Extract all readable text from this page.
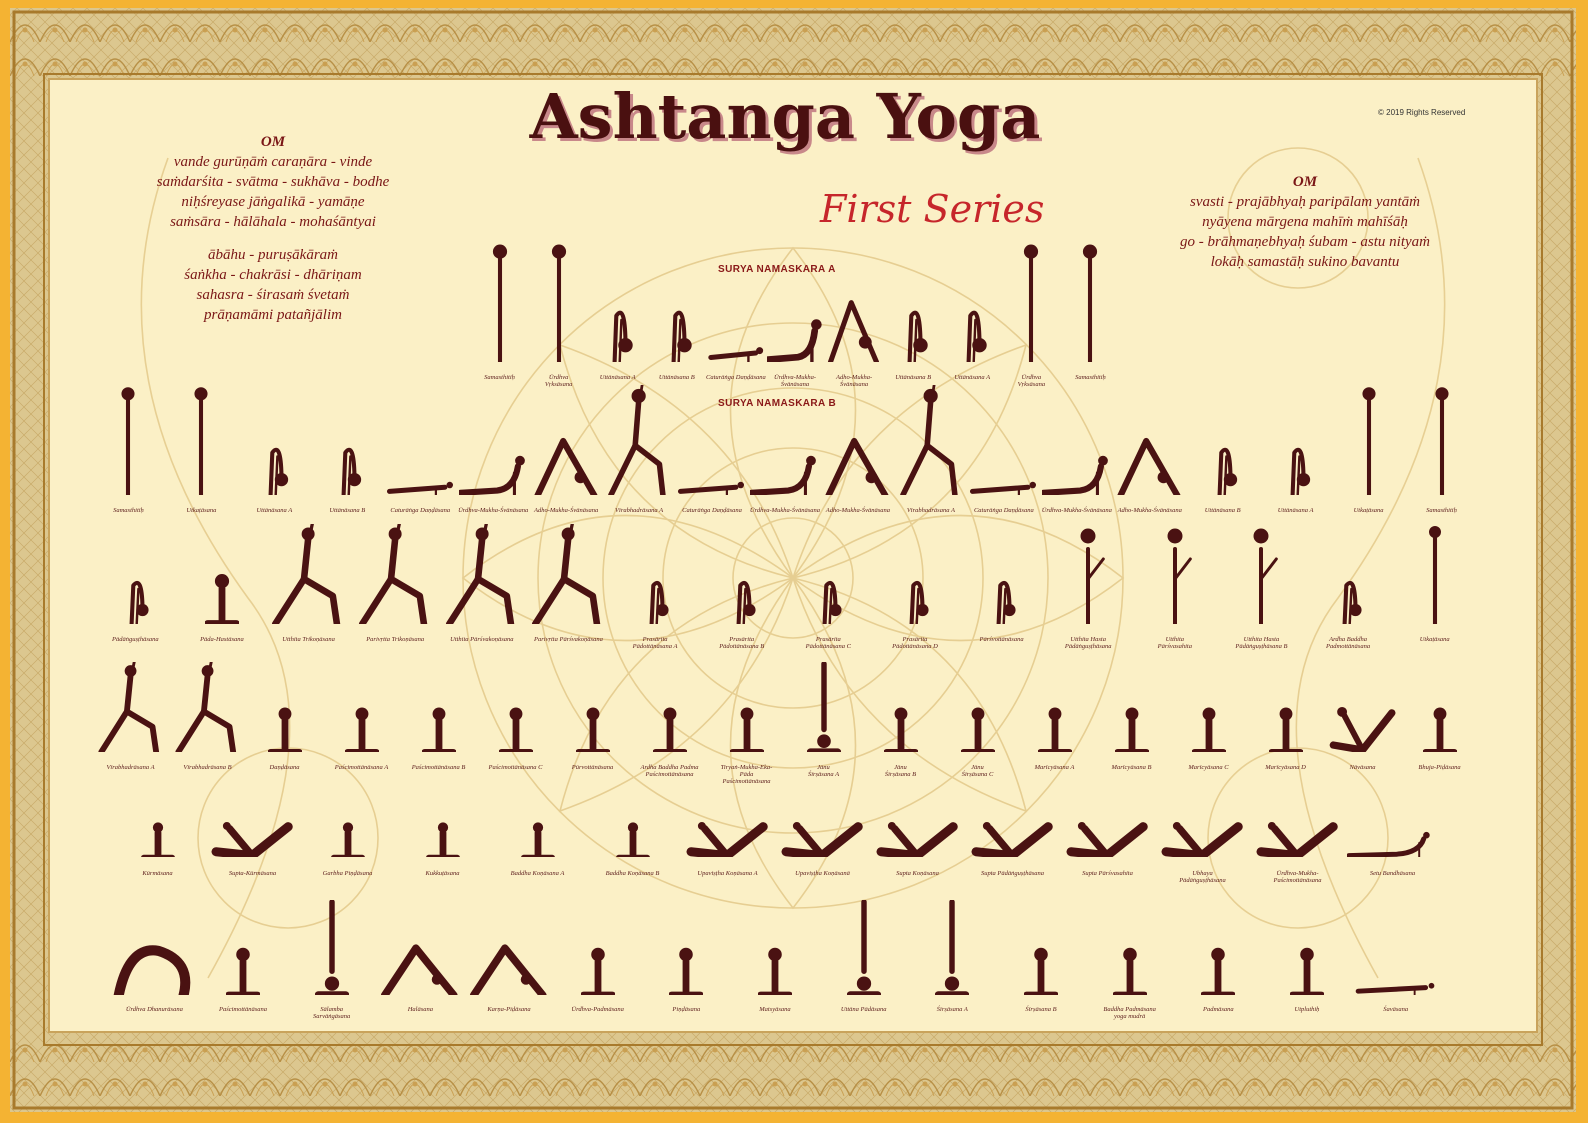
© 2019 Rights Reserved
Ashtanga Yoga
First Series
OM
vande gurūṇāṁ caraṇāra - vinde
saṁdarśita - svātma - sukhāva - bodhe
niḥśreyase jāṅgalikā - yamāṇe
saṁsāra - hālāhala - mohaśāntyai
ābāhu - puruṣākāraṁ
śaṅkha - chakrāsi - dhāriṇam
sahasra - śirasaṁ śvetaṁ
prāṇamāmi patañjālim
OM
svasti - prajābhyaḥ paripālam yantāṁ
nyāyena mārgena mahīṁ mahīśāḥ
go - brāhmaṇebhyaḥ śubam - astu nityaṁ
lokāḥ samastāḥ sukino bavantu
SURYA NAMASKARA A
SURYA NAMASKARA B
Samasthitiḥ	Ūrdhva
Vṛksāsana
Uttānāsana A	Uttānāsana B	Caturāṅga Daṇḍāsana	Ūrdhva-Mukha-Śvānāsana
Adho-Mukha-Śvānāsana
Uttānāsana B	Uttānāsana A	Ūrdhva
Vṛksāsana
Samasthitiḥ
Samasthitiḥ	Utkaṭāsana	Uttānāsana A	Uttānāsana B	Caturāṅga Daṇḍāsana	Ūrdhva-Mukha-Śvānāsana Adho-Mukha-Śvānāsana	Vīrabhadrāsana A	Caturāṅga Daṇḍāsana	Ūrdhva-Mukha-Śvānāsana Adho-Mukha-Śvānāsana	Vīrabhadrāsana A	Caturāṅga Daṇḍāsana	Ūrdhva-Mukha-Śvānāsana Adho-Mukha-Śvānāsana	Uttānāsana B	Uttānāsana A	Utkaṭāsana	Samasthitiḥ
Pādāṅguṣṭhāsana	Pāda-Hastāsana	Utthita Trikoṇāsana	Parivṛtta Trikoṇāsana	Utthita Pārśvakoṇāsana	Parivṛtta Pārśvakoṇāsana	Prasārita
Pādottānāsana A
Prasārita
Pādottānāsana B
Prasārita
Pādottānāsana C
Prasārita
Pādottānāsana D
Pārśvottānāsana	Utthita Hasta
Pādāṅguṣṭhāsana
Utthita
Pārśvasahita
Utthita Hasta
Pādāṅguṣṭhāsana B
Ardha Baddha
Padmottānāsana
Utkaṭāsana
Vīrabhadrāsana A	Vīrabhadrāsana B	Daṇḍāsana	Paścimottānāsana A	Paścimottānāsana B	Paścimottānāsana C	Pūrvottānāsana	Ardha Baddha Padma
Paścimottānāsana
Tiryaṅ-Mukha-Eka-
Pāda
Paścimottānāsana
Jānu
Śīrṣāsana A
Jānu
Śīrṣāsana B
Jānu
Śīrṣāsana C
Marīcyāsana A	Marīcyāsana B	Marīcyāsana C	Marīcyāsana D	Nāvāsana	Bhuja-Pīḍāsana
Kūrmāsana	Supta-Kūrmāsana	Garbha Piṇḍāsana	Kukkuṭāsana	Baddha Koṇāsana A	Baddha Koṇāsana B	Upaviṣṭha Koṇāsana A	Upaviṣṭha Koṇāsanā	Supta Koṇāsana	Supta Pādāṅguṣṭhāsana	Supta Pārśvasahita	Ubhaya
Pādāṅguṣṭhāsana
Ūrdhva-Mukha-
Paścimottānāsana
Setu Bandhāsana
Ūrdhva Dhanurāsana	Paścimottānāsana	Sālamba
Sarvāṅgāsana
Halāsana	Karṇa-Pīḍāsana	Ūrdhva-Padmāsana	Piṇḍāsana	Matsyāsana	Uttāna Pādāsana	Śīrṣāsana A	Śīrṣāsana B	Baddha Padmāsana
yoga mudrā
Padmāsana	Utpluthiḥ	Śavāsana
